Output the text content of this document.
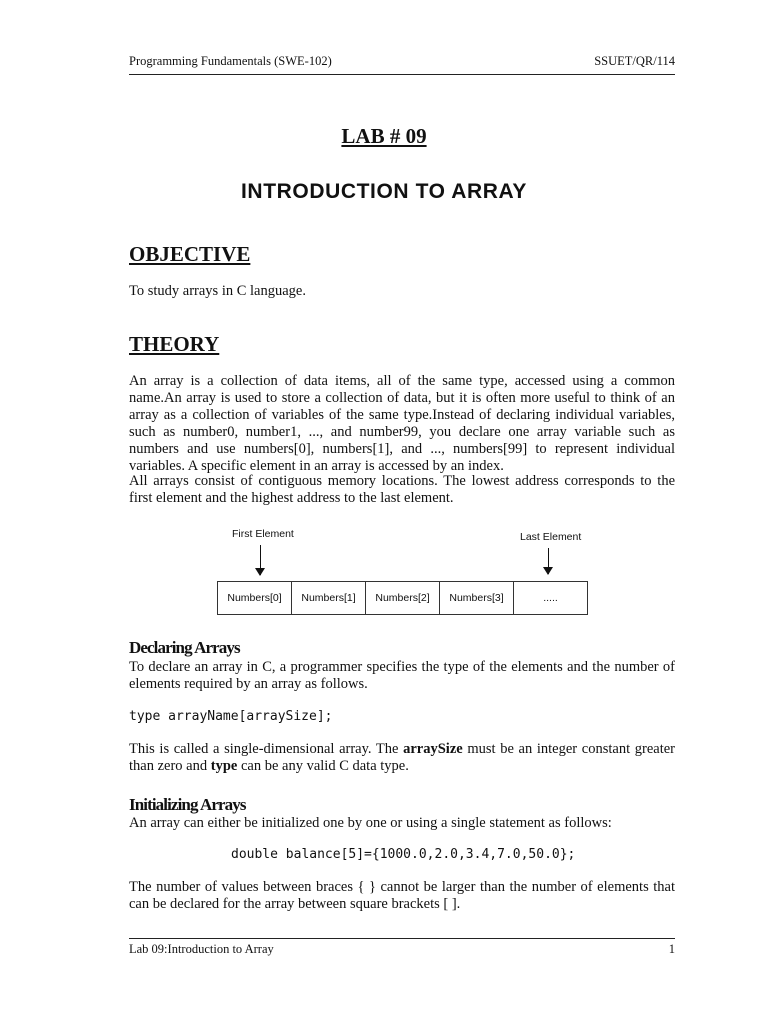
Programming Fundamentals (SWE-102)	SSUET/QR/114
LAB # 09
INTRODUCTION TO ARRAY
OBJECTIVE

To study arrays in C language.

THEORY

An array is a collection of data items, all of the same type, accessed using a common name.An array is used to store a collection of data, but it is often more useful to think of an array as a collection of variables of the same type.Instead of declaring individual variables, such as number0, number1, ..., and number99, you declare one array variable such as numbers and use numbers[0], numbers[1], and ..., numbers[99] to represent individual variables. A specific element in an array is accessed by an index.

All arrays consist of contiguous memory locations. The lowest address corresponds to the first element and the highest address to the last element.

First Element	Last Element
Numbers[0]	Numbers[1]	Numbers[2]	Numbers[3]	.....
Declaring Arrays

To declare an array in C, a programmer specifies the type of the elements and the number of elements required by an array as follows.

type arrayName[arraySize];

This is called a single-dimensional array. The arraySize must be an integer constant greater than zero and type can be any valid C data type.

Initializing Arrays

An array can either be initialized one by one or using a single statement as follows:

double balance[5]={1000.0,2.0,3.4,7.0,50.0};

The number of values between braces { } cannot be larger than the number of elements that can be declared for the array between square brackets [ ].

Lab 09:Introduction to Array	1
